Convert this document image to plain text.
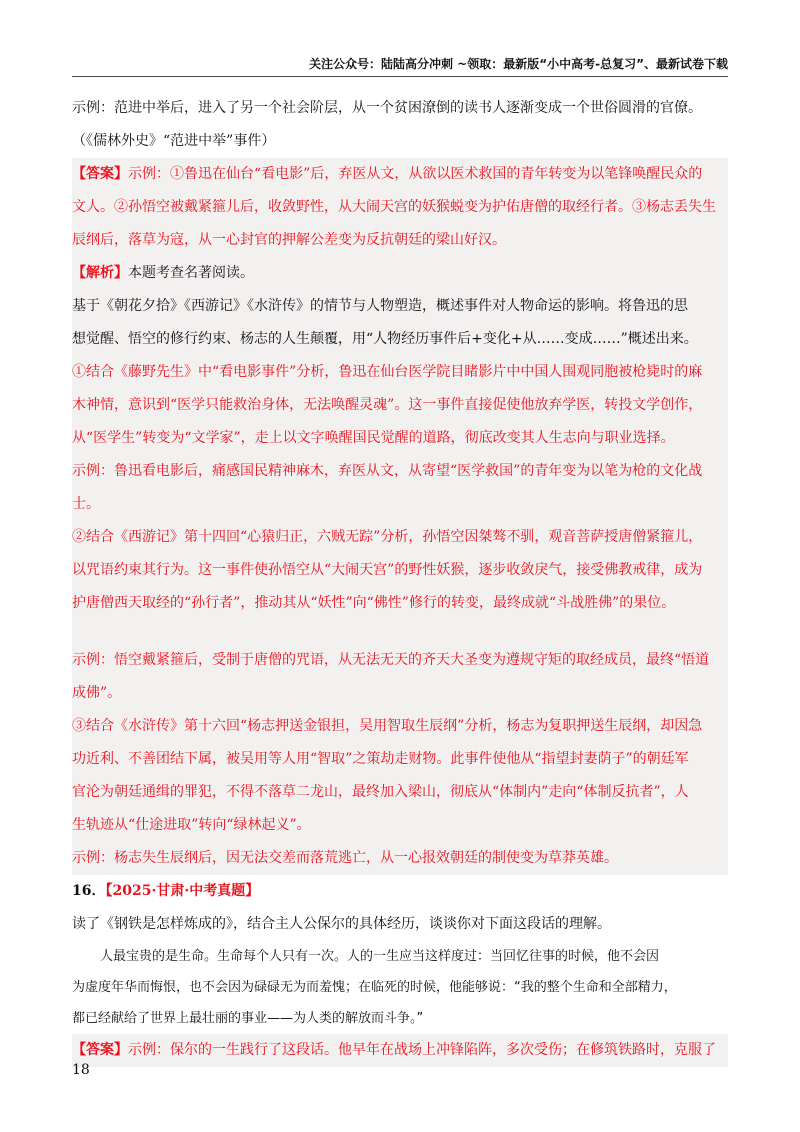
关注公众号：陆陆高分冲刺 ~领取：最新版“小中高考-总复习”、最新试卷下载
示例：范进中举后，进入了另一个社会阶层，从一个贫困潦倒的读书人逐渐变成一个世俗圆滑的官僚。
（《儒林外史》“范进中举”事件）
【答案】示例：①鲁迅在仙台“看电影”后，弃医从文，从欲以医术救国的青年转变为以笔锋唤醒民众的
文人。②孙悟空被戴紧箍儿后，收敛野性，从大闹天宫的妖猴蜕变为护佑唐僧的取经行者。③杨志丢失生
辰纲后，落草为寇，从一心封官的押解公差变为反抗朝廷的梁山好汉。
【解析】本题考查名著阅读。
基于《朝花夕拾》《西游记》《水浒传》的情节与人物塑造，概述事件对人物命运的影响。将鲁迅的思
想觉醒、悟空的修行约束、杨志的人生颠覆，用“人物经历事件后+变化+从……变成……”概述出来。
①结合《藤野先生》中“看电影事件”分析，鲁迅在仙台医学院目睹影片中中国人围观同胞被枪毙时的麻
木神情，意识到“医学只能救治身体，无法唤醒灵魂”。这一事件直接促使他放弃学医，转投文学创作，
从“医学生”转变为“文学家”，走上以文字唤醒国民觉醒的道路，彻底改变其人生志向与职业选择。
示例：鲁迅看电影后，痛感国民精神麻木，弃医从文，从寄望“医学救国”的青年变为以笔为枪的文化战
士。
②结合《西游记》第十四回“心猿归正，六贼无踪”分析，孙悟空因桀骜不驯，观音菩萨授唐僧紧箍儿，
以咒语约束其行为。这一事件使孙悟空从“大闹天宫”的野性妖猴，逐步收敛戾气，接受佛教戒律，成为
护唐僧西天取经的“孙行者”，推动其从“妖性”向“佛性”修行的转变，最终成就“斗战胜佛”的果位。
示例：悟空戴紧箍后，受制于唐僧的咒语，从无法无天的齐天大圣变为遵规守矩的取经成员，最终“悟道
成佛”。
③结合《水浒传》第十六回“杨志押送金银担，吴用智取生辰纲”分析，杨志为复职押送生辰纲，却因急
功近利、不善团结下属，被吴用等人用“智取”之策劫走财物。此事件使他从“指望封妻荫子”的朝廷军
官沦为朝廷通缉的罪犯，不得不落草二龙山，最终加入梁山，彻底从“体制内”走向“体制反抗者”，人
生轨迹从“仕途进取”转向“绿林起义”。
示例：杨志失生辰纲后，因无法交差而落荒逃亡，从一心报效朝廷的制使变为草莽英雄。
16．【2025·甘肃·中考真题】
读了《钢铁是怎样炼成的》，结合主人公保尔的具体经历，谈谈你对下面这段话的理解。
人最宝贵的是生命。生命每个人只有一次。人的一生应当这样度过：当回忆往事的时候，他不会因
为虚度年华而悔恨，也不会因为碌碌无为而羞愧；在临死的时候，他能够说：“我的整个生命和全部精力，
都已经献给了世界上最壮丽的事业——为人类的解放而斗争。”
【答案】示例：保尔的一生践行了这段话。他早年在战场上冲锋陷阵，多次受伤；在修筑铁路时，克服了
18
